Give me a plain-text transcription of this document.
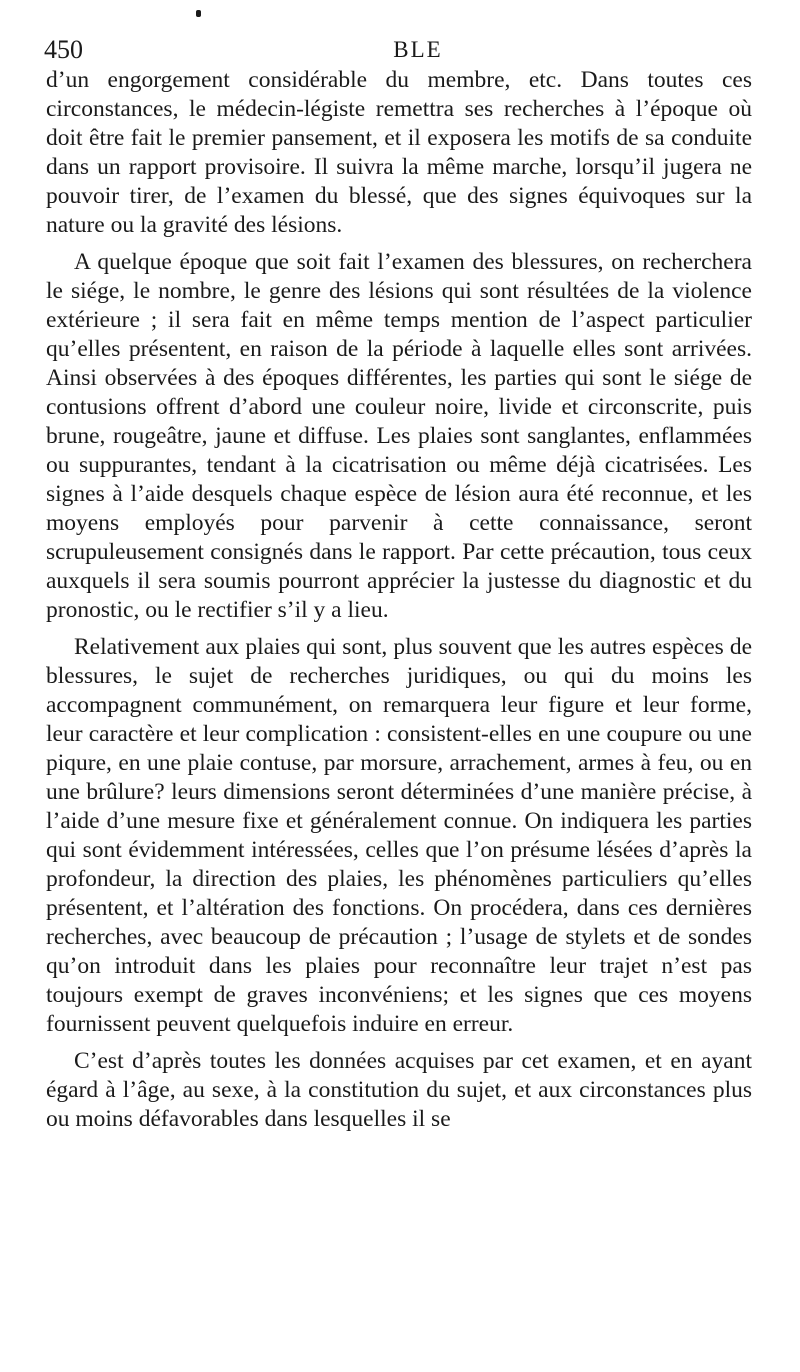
450	BLE

d’un engorgement considérable du membre, etc. Dans toutes ces circonstances, le médecin-légiste remettra ses recherches à l’époque où doit être fait le premier pansement, et il exposera les motifs de sa conduite dans un rapport provisoire. Il suivra la même marche, lorsqu’il jugera ne pouvoir tirer, de l’examen du blessé, que des signes équivoques sur la nature ou la gravité des lésions.

A quelque époque que soit fait l’examen des blessures, on recherchera le siége, le nombre, le genre des lésions qui sont résultées de la violence extérieure ; il sera fait en même temps mention de l’aspect particulier qu’elles présentent, en raison de la période à laquelle elles sont arrivées. Ainsi observées à des époques différentes, les parties qui sont le siége de contusions offrent d’abord une couleur noire, livide et circonscrite, puis brune, rougeâtre, jaune et diffuse. Les plaies sont sanglantes, enflammées ou suppurantes, tendant à la cicatrisation ou même déjà cicatrisées. Les signes à l’aide desquels chaque espèce de lésion aura été reconnue, et les moyens employés pour parvenir à cette connaissance, seront scrupuleusement consignés dans le rapport. Par cette précaution, tous ceux auxquels il sera soumis pourront apprécier la justesse du diagnostic et du pronostic, ou le rectifier s’il y a lieu.

Relativement aux plaies qui sont, plus souvent que les autres espèces de blessures, le sujet de recherches juridiques, ou qui du moins les accompagnent communément, on remarquera leur figure et leur forme, leur caractère et leur complication : consistent-elles en une coupure ou une piqure, en une plaie contuse, par morsure, arrachement, armes à feu, ou en une brûlure? leurs dimensions seront déterminées d’une manière précise, à l’aide d’une mesure fixe et généralement connue. On indiquera les parties qui sont évidemment intéressées, celles que l’on présume lésées d’après la profondeur, la direction des plaies, les phénomènes particuliers qu’elles présentent, et l’altération des fonctions. On procédera, dans ces dernières recherches, avec beaucoup de précaution ; l’usage de stylets et de sondes qu’on introduit dans les plaies pour reconnaître leur trajet n’est pas toujours exempt de graves inconvéniens; et les signes que ces moyens fournissent peuvent quelquefois induire en erreur.

C’est d’après toutes les données acquises par cet examen, et en ayant égard à l’âge, au sexe, à la constitution du sujet, et aux circonstances plus ou moins défavorables dans lesquelles il se
